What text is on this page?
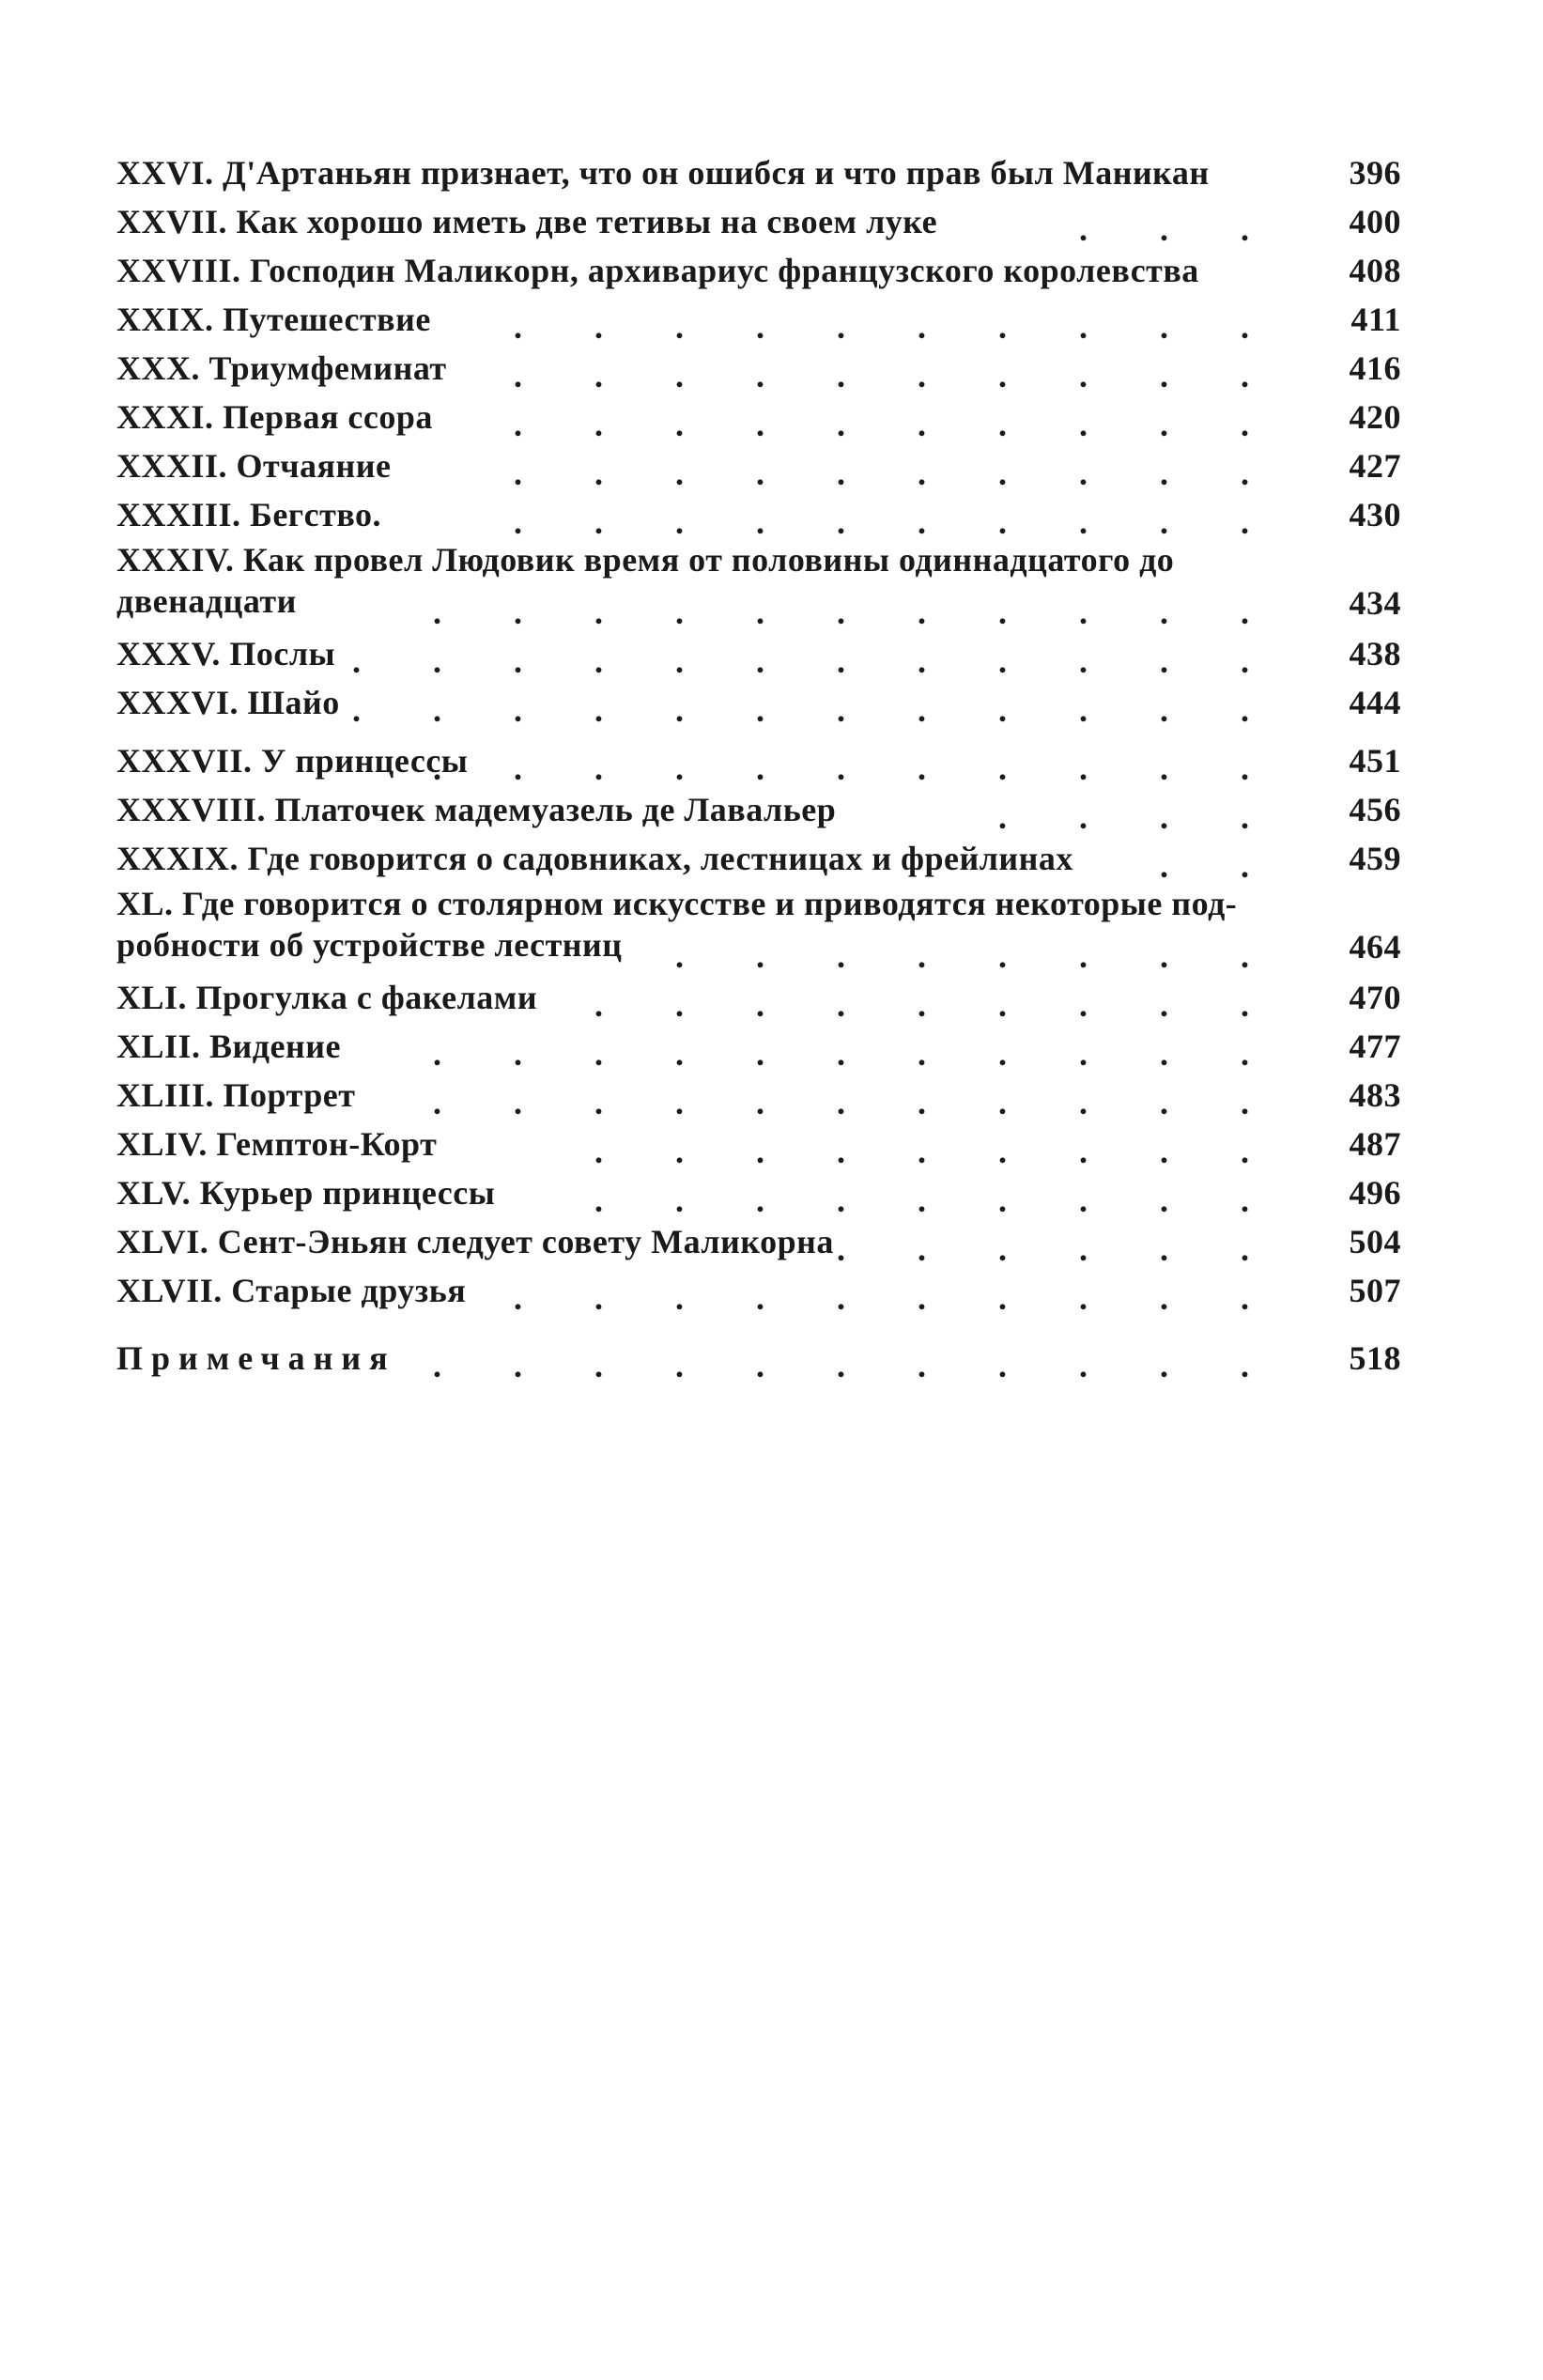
XXVI. Д'Артаньян признает, что он ошибся и что прав был Маникан	396
XXVII. Как хорошо иметь две тетивы на своем луке	. . .	400
XXVIII. Господин Маликорн, архивариус французского королевства	408
XXIX. Путешествие	. . . . . . . . . .	411
XXX. Триумфеминат	. . . . . . . . . .	416
XXXI. Первая ссора	. . . . . . . . . .	420
XXXII. Отчаяние	. . . . . . . . . .	427
XXXIII. Бегство.	. . . . . . . . . .	430
XXXIV. Как провел Людовик время от половины одиннадцатого до
двенадцати	. . . . . . . . . . .	434
XXXV. Послы . . . . . . . . . . . .	438
XXXVI. Шайо . . . . . . . . . . . .	444
XXXVII. У принцессы
. . . . . . . . . . .	451
XXXVIII. Платочек мадемуазель де Лавальер	. . . .	456
XXXIX. Где говорится о садовниках, лестницах и фрейлинах	. .	459
XL. Где говорится о столярном искусстве и приводятся некоторые под-
робности об устройстве лестниц	. . . . . . . .	464
XLI. Прогулка с факелами	. . . . . . . . .	470
XLII. Видение	. . . . . . . . . . .	477
XLIII. Портрет	. . . . . . . . . . .	483
XLIV. Гемптон-Корт	. . . . . . . . .	487
XLV. Курьер принцессы	. . . . . . . . .	496
XLVI. Сент-Эньян следует совету Маликорна . . . . . .	504
XLVII. Старые друзья	. . . . . . . . . .	507
Примечания	. . . . . . . . . . .	518
